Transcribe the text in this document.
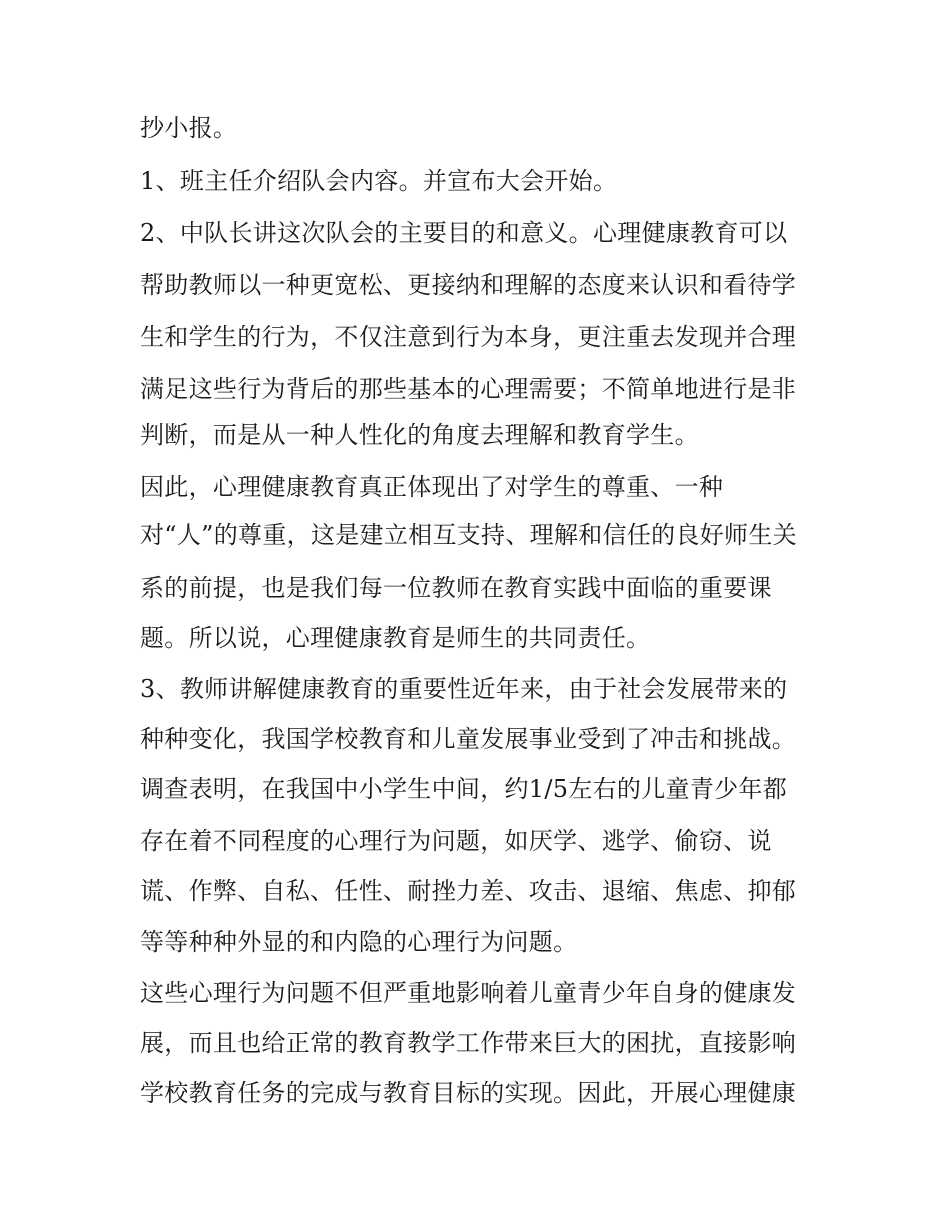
抄小报。
1、班主任介绍队会内容。并宣布大会开始。
2、中队长讲这次队会的主要目的和意义。心理健康教育可以
帮助教师以一种更宽松、更接纳和理解的态度来认识和看待学
生和学生的行为，不仅注意到行为本身，更注重去发现并合理
满足这些行为背后的那些基本的心理需要；不简单地进行是非
判断，而是从一种人性化的角度去理解和教育学生。
因此，心理健康教育真正体现出了对学生的尊重、一种
对“人”的尊重，这是建立相互支持、理解和信任的良好师生关
系的前提，也是我们每一位教师在教育实践中面临的重要课
题。所以说，心理健康教育是师生的共同责任。
3、教师讲解健康教育的重要性近年来，由于社会发展带来的
种种变化，我国学校教育和儿童发展事业受到了冲击和挑战。
调查表明，在我国中小学生中间，约1/5左右的儿童青少年都
存在着不同程度的心理行为问题，如厌学、逃学、偷窃、说
谎、作弊、自私、任性、耐挫力差、攻击、退缩、焦虑、抑郁
等等种种外显的和内隐的心理行为问题。
这些心理行为问题不但严重地影响着儿童青少年自身的健康发
展，而且也给正常的教育教学工作带来巨大的困扰，直接影响
学校教育任务的完成与教育目标的实现。因此，开展心理健康
